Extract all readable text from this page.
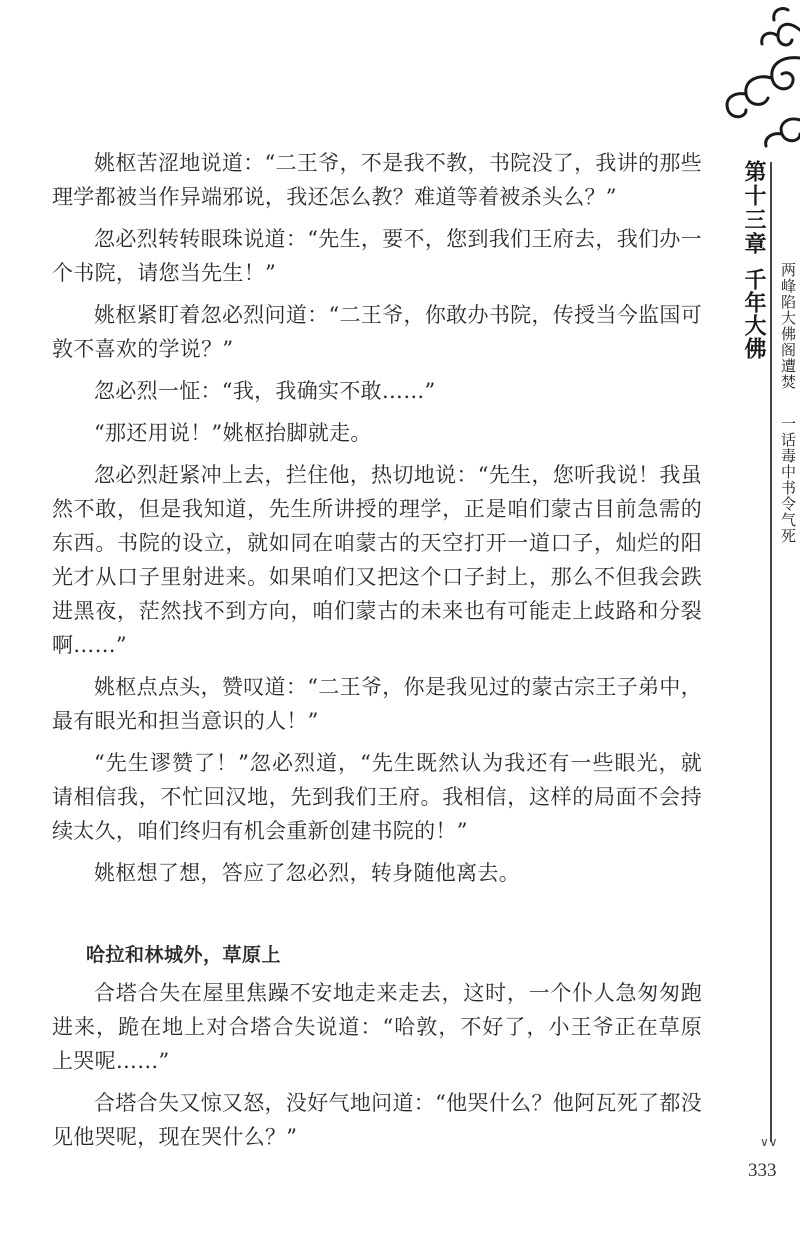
姚枢苦涩地说道：“二王爷，不是我不教，书院没了，我讲的那些理学都被当作异端邪说，我还怎么教？难道等着被杀头么？”

忽必烈转转眼珠说道：“先生，要不，您到我们王府去，我们办一个书院，请您当先生！”

姚枢紧盯着忽必烈问道：“二王爷，你敢办书院，传授当今监国可敦不喜欢的学说？”

忽必烈一怔：“我，我确实不敢……”

“那还用说！”姚枢抬脚就走。

忽必烈赶紧冲上去，拦住他，热切地说：“先生，您听我说！我虽然不敢，但是我知道，先生所讲授的理学，正是咱们蒙古目前急需的东西。书院的设立，就如同在咱蒙古的天空打开一道口子，灿烂的阳光才从口子里射进来。如果咱们又把这个口子封上，那么不但我会跌进黑夜，茫然找不到方向，咱们蒙古的未来也有可能走上歧路和分裂啊……”

姚枢点点头，赞叹道：“二王爷，你是我见过的蒙古宗王子弟中，最有眼光和担当意识的人！”

“先生谬赞了！”忽必烈道，“先生既然认为我还有一些眼光，就请相信我，不忙回汉地，先到我们王府。我相信，这样的局面不会持续太久，咱们终归有机会重新创建书院的！”

姚枢想了想，答应了忽必烈，转身随他离去。

哈拉和林城外，草原上

合塔合失在屋里焦躁不安地走来走去，这时，一个仆人急匆匆跑进来，跪在地上对合塔合失说道：“哈敦，不好了，小王爷正在草原上哭呢……”

合塔合失又惊又怒，没好气地问道：“他哭什么？他阿瓦死了都没见他哭呢，现在哭什么？”

第十三章
千年大佛 两峰陷大佛阁遭焚
一话毒中书令气死
∨∨
333
